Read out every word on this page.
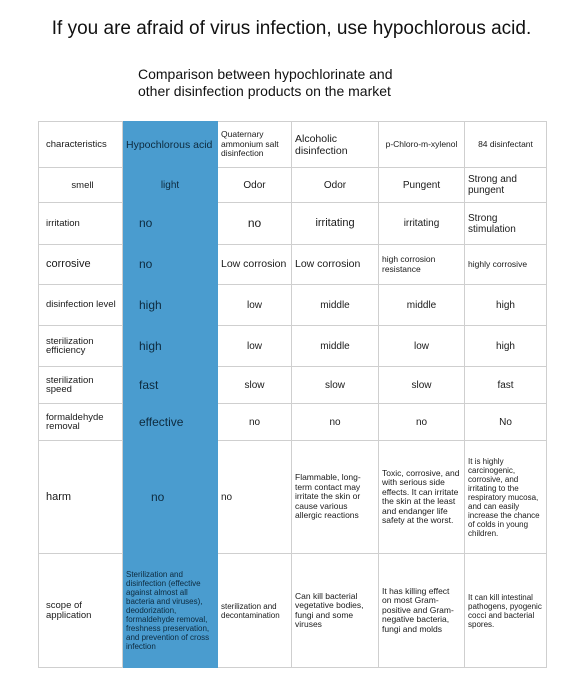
If you are afraid of virus infection, use hypochlorous acid.
Comparison between hypochlorinate and
other disinfection products on the market
characteristics	Hypochlorous acid	Quaternary ammonium salt disinfection	Alcoholic disinfection	p-Chloro-m-xylenol	84 disinfectant
smell	light	Odor	Odor	Pungent	Strong and pungent
irritation	no	no	irritating	irritating	Strong stimulation
corrosive	no	Low corrosion	Low corrosion	high corrosion resistance	highly corrosive
disinfection level	high	low	middle	middle	high
sterilization efficiency	high	low	middle	low	high
sterilization speed	fast	slow	slow	slow	fast
formaldehyde removal	effective	no	no	no	No
harm	no	no	Flammable, long-term contact may irritate the skin or cause various allergic reactions	Toxic, corrosive, and with serious side effects. It can irritate the skin at the least and endanger life safety at the worst.	It is highly carcinogenic, corrosive, and irritating to the respiratory mucosa, and can easily increase the chance of colds in young children.
scope of application	Sterilization and disinfection (effective against almost all bacteria and viruses), deodorization, formaldehyde removal, freshness preservation, and prevention of cross infection	sterilization and decontamination	Can kill bacterial vegetative bodies, fungi and some viruses	It has killing effect on most Gram-positive and Gram-negative bacteria, fungi and molds	It can kill intestinal pathogens, pyogenic cocci and bacterial spores.
